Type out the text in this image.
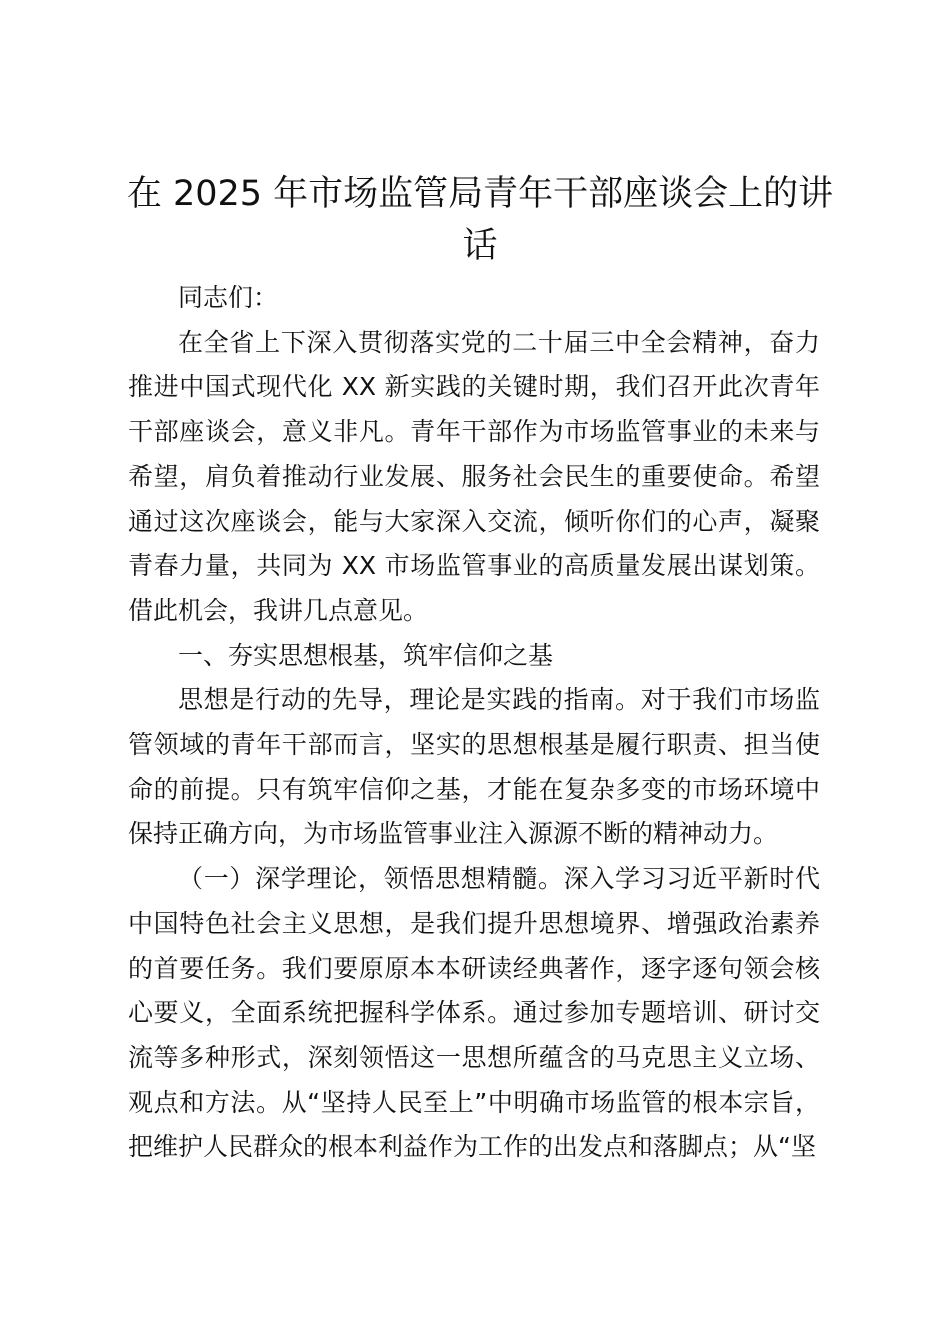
在 2025 年市场监管局青年干部座谈会上的讲话

同志们：

在全省上下深入贯彻落实党的二十届三中全会精神，奋力推进中国式现代化 XX 新实践的关键时期，我们召开此次青年干部座谈会，意义非凡。青年干部作为市场监管事业的未来与希望，肩负着推动行业发展、服务社会民生的重要使命。希望通过这次座谈会，能与大家深入交流，倾听你们的心声，凝聚青春力量，共同为 XX 市场监管事业的高质量发展出谋划策。借此机会，我讲几点意见。

一、夯实思想根基，筑牢信仰之基

思想是行动的先导，理论是实践的指南。对于我们市场监管领域的青年干部而言，坚实的思想根基是履行职责、担当使命的前提。只有筑牢信仰之基，才能在复杂多变的市场环境中保持正确方向，为市场监管事业注入源源不断的精神动力。

（一）深学理论，领悟思想精髓。深入学习习近平新时代中国特色社会主义思想，是我们提升思想境界、增强政治素养的首要任务。我们要原原本本研读经典著作，逐字逐句领会核心要义，全面系统把握科学体系。通过参加专题培训、研讨交流等多种形式，深刻领悟这一思想所蕴含的马克思主义立场、观点和方法。从“坚持人民至上”中明确市场监管的根本宗旨，把维护人民群众的根本利益作为工作的出发点和落脚点；从“坚
